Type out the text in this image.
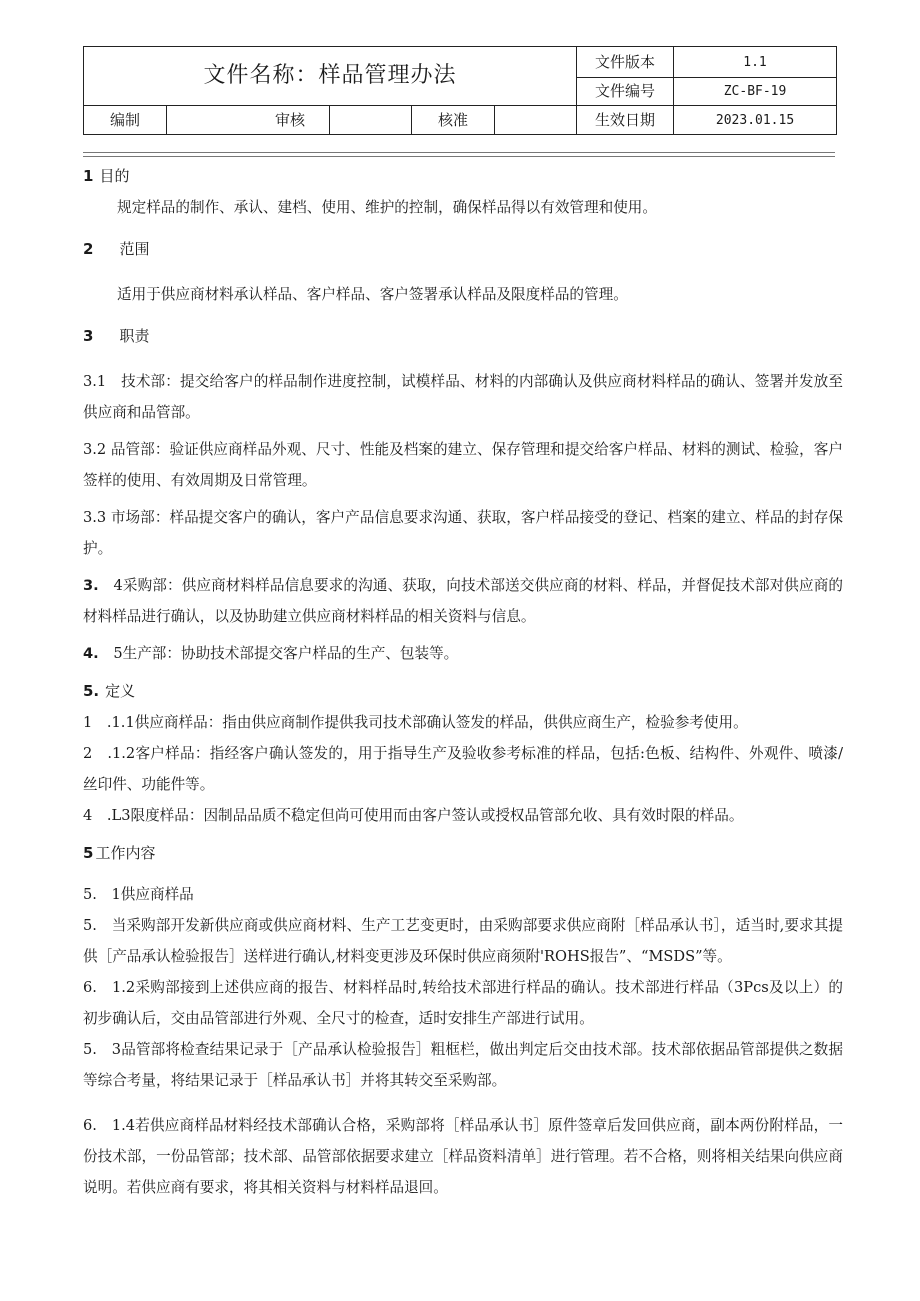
文件名称：样品管理办法					文件版本	1.1
					文件编号	ZC-BF-19
编制	审核		核准		生效日期	2023.01.15

1 目的

规定样品的制作、承认、建档、使用、维护的控制，确保样品得以有效管理和使用。

2 范围

适用于供应商材料承认样品、客户样品、客户签署承认样品及限度样品的管理。

3 职责

3.1　技术部：提交给客户的样品制作进度控制，试模样品、材料的内部确认及供应商材料样品的确认、签署并发放至供应商和品管部。

3.2 品管部：验证供应商样品外观、尺寸、性能及档案的建立、保存管理和提交给客户样品、材料的测试、检验，客户签样的使用、有效周期及日常管理。

3.3 市场部：样品提交客户的确认，客户产品信息要求沟通、获取，客户样品接受的登记、档案的建立、样品的封存保护。

3.　 4采购部：供应商材料样品信息要求的沟通、获取，向技术部送交供应商的材料、样品，并督促技术部对供应商的材料样品进行确认，以及协助建立供应商材料样品的相关资料与信息。

4.　 5生产部：协助技术部提交客户样品的生产、包装等。

5. 定义

1　.1.1供应商样品：指由供应商制作提供我司技术部确认签发的样品，供供应商生产，检验参考使用。

2　.1.2客户样品：指经客户确认签发的，用于指导生产及验收参考标准的样品，包括:色板、结构件、外观件、喷漆/丝印件、功能件等。

4　.L3限度样品：因制品品质不稳定但尚可使用而由客户签认或授权品管部允收、具有效时限的样品。

5 工作内容

5.　1供应商样品

5.　当采购部开发新供应商或供应商材料、生产工艺变更时，由采购部要求供应商附［样品承认书］，适当时,要求其提供［产品承认检验报告］送样进行确认,材料变更涉及环保时供应商须附'ROHS报告”、“MSDS”等。

6.　1.2采购部接到上述供应商的报告、材料样品时,转给技术部进行样品的确认。技术部进行样品（3Pcs及以上）的初步确认后，交由品管部进行外观、全尺寸的检查，适时安排生产部进行试用。

5.　3品管部将检查结果记录于［产品承认检验报告］粗框栏，做出判定后交由技术部。技术部依据品管部提供之数据等综合考量，将结果记录于［样品承认书］并将其转交至采购部。

6.　1.4若供应商样品材料经技术部确认合格，采购部将［样品承认书］原件签章后发回供应商，副本两份附样品，一份技术部，一份品管部；技术部、品管部依据要求建立［样品资料清单］进行管理。若不合格，则将相关结果向供应商说明。若供应商有要求，将其相关资料与材料样品退回。
